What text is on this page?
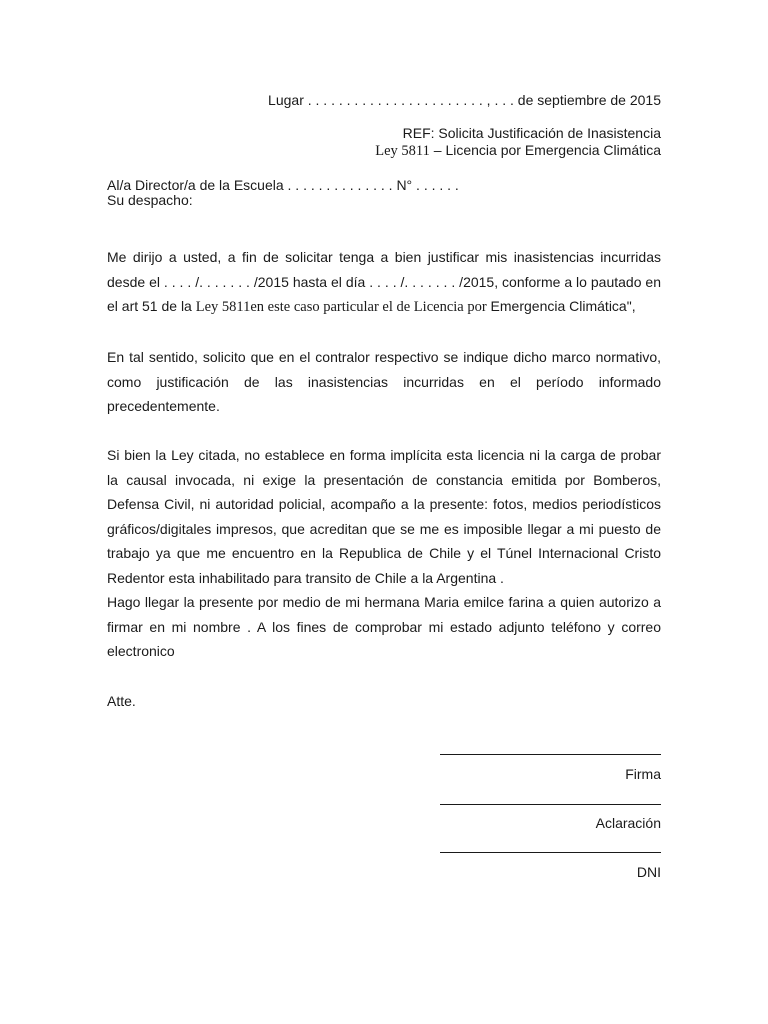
Lugar . . . . . . . . . . . . . . . . . . . . . . . , . . . de septiembre de 2015
REF: Solicita Justificación de Inasistencia
Ley 5811 – Licencia por Emergencia Climática
Al/a Director/a de la Escuela . . . . . . . . . . . . . . N° . . . . . .
Su despacho:
Me dirijo a usted, a fin de solicitar tenga a bien justificar mis inasistencias incurridas desde el . . . . /. . . . . . . /2015 hasta el día . . . . /. . . . . . . /2015, conforme a lo pautado en el art 51 de la Ley 5811en este caso particular el de Licencia por Emergencia Climática",
En tal sentido, solicito que en el contralor respectivo se indique dicho marco normativo, como justificación de las inasistencias incurridas en el período informado precedentemente.
Si bien la Ley citada, no establece en forma implícita esta licencia ni la carga de probar la causal invocada, ni exige la presentación de constancia emitida por Bomberos, Defensa Civil, ni autoridad policial, acompaño a la presente: fotos, medios periodísticos gráficos/digitales impresos, que acreditan que se me es imposible llegar a mi puesto de trabajo ya que me encuentro en la Republica de Chile y el Túnel Internacional Cristo Redentor esta inhabilitado para transito de Chile a la Argentina .
Hago llegar la presente por medio de mi hermana Maria emilce farina a quien autorizo a firmar en mi nombre . A los fines de comprobar mi estado adjunto teléfono y correo electronico
Atte.
Firma
Aclaración
DNI
